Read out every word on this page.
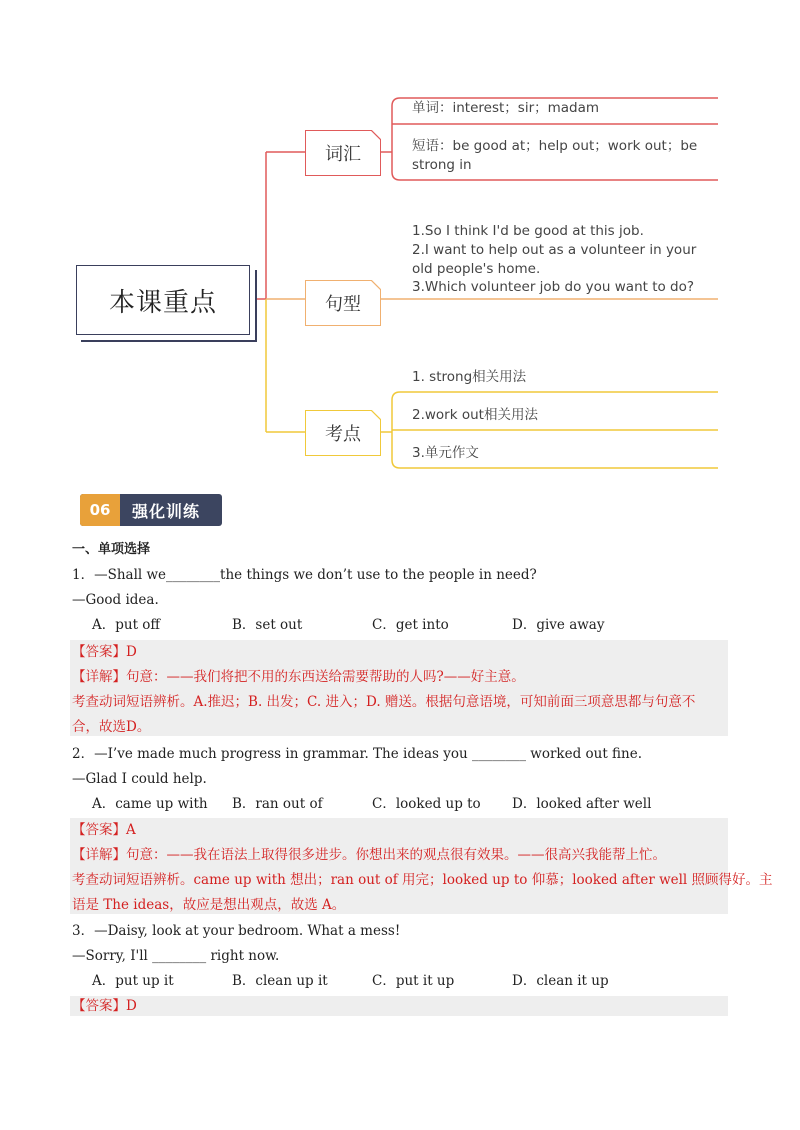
本课重点
词汇
句型
考点
单词：interest；sir；madam
短语：be good at；help out；work out；be strong in
1.So I think I'd be good at this job.
2.I want to help out as a volunteer in your old people's home.
3.Which volunteer job do you want to do?
1. strong相关用法
2.work out相关用法
3.单元作文
06	强化训练
一、单项选择
1．—Shall we________the things we don’t use to the people in need?
—Good idea.
A．put off	B．set out	C．get into	D．give away
【答案】D
【详解】句意：——我们将把不用的东西送给需要帮助的人吗?——好主意。
考查动词短语辨析。A.推迟；B. 出发；C. 进入；D. 赠送。根据句意语境，可知前面三项意思都与句意不
合，故选D。
2．—I’ve made much progress in grammar. The ideas you ________ worked out fine.
—Glad I could help.
A．came up with	B．ran out of	C．looked up to	D．looked after well
【答案】A
【详解】句意：——我在语法上取得很多进步。你想出来的观点很有效果。——很高兴我能帮上忙。
考查动词短语辨析。came up with 想出；ran out of 用完；looked up to 仰慕；looked after well 照顾得好。主
语是 The ideas，故应是想出观点，故选 A。
3．—Daisy, look at your bedroom. What a mess!
—Sorry, I'll ________ right now.
A．put up it	B．clean up it	C．put it up	D．clean it up
【答案】D
